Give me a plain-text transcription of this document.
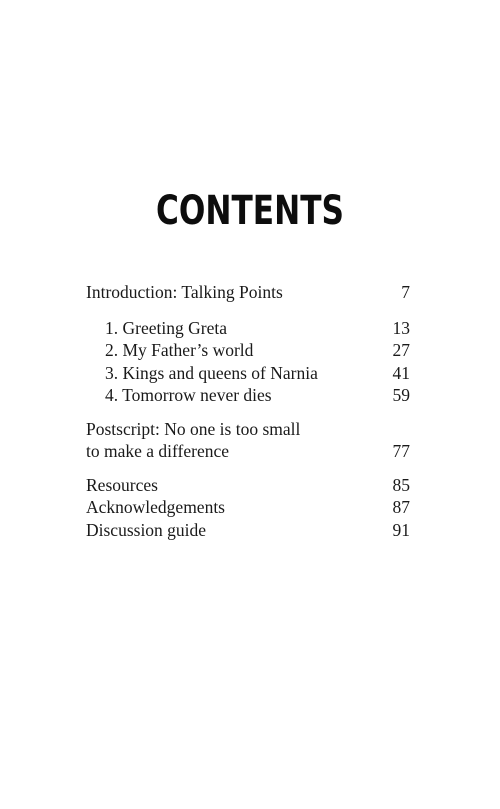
CONTENTS
Introduction: Talking Points	7
1. Greeting Greta	13
2. My Father’s world	27
3. Kings and queens of Narnia	41
4. Tomorrow never dies	59
Postscript: No one is too small
to make a difference	77
Resources	85
Acknowledgements	87
Discussion guide	91
